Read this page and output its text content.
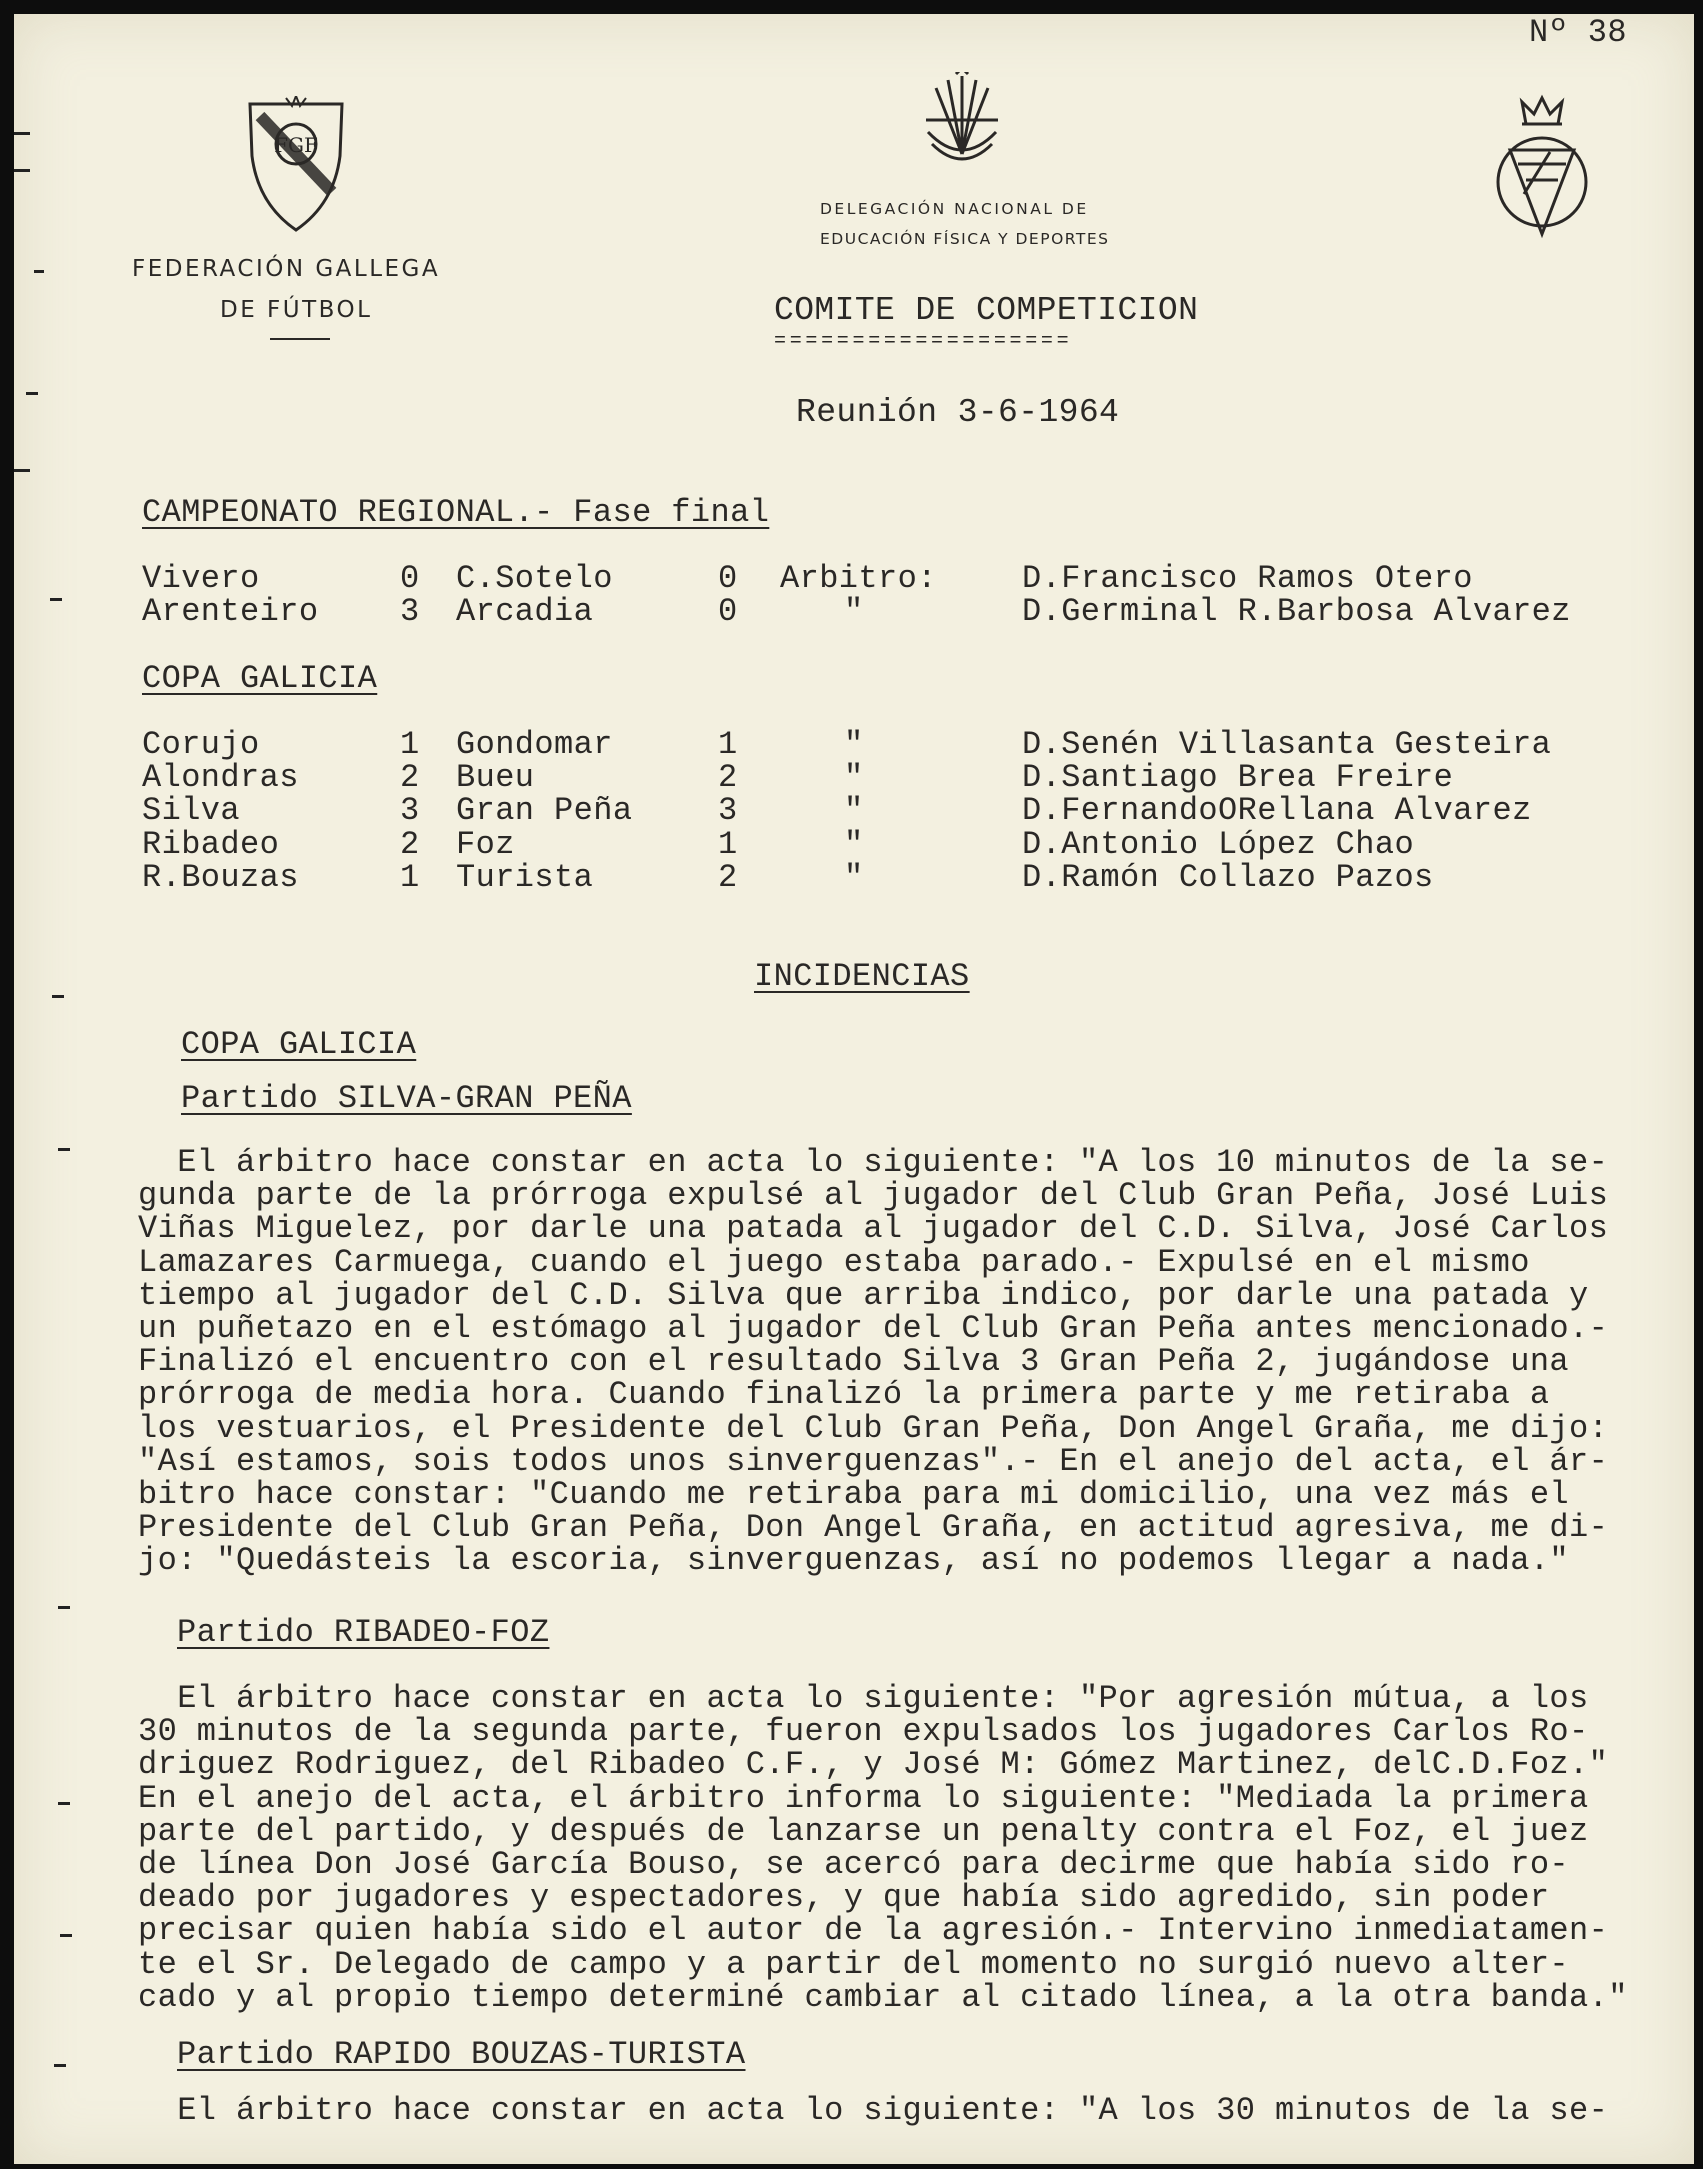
Nº 38
FGF
FEDERACIÓN GALLEGA
DE FÚTBOL
DELEGACIÓN NACIONAL DE
EDUCACIÓN FÍSICA Y DEPORTES
COMITE DE COMPETICION
===================
Reunión 3-6-1964
CAMPEONATO REGIONAL.- Fase final
Vivero	0	C.Sotelo	0	Arbitro:	D.Francisco Ramos Otero
Arenteiro	3	Arcadia	0	"	D.Germinal R.Barbosa Alvarez
COPA GALICIA
Corujo	1	Gondomar	1	"	D.Senén Villasanta Gesteira
Alondras	2	Bueu	2	"	D.Santiago Brea Freire
Silva	3	Gran Peña	3	"	D.FernandoORellana Alvarez
Ribadeo	2	Foz	1	"	D.Antonio López Chao
R.Bouzas	1	Turista	2	"	D.Ramón Collazo Pazos
INCIDENCIAS
COPA GALICIA
Partido SILVA-GRAN PEÑA
El árbitro hace constar en acta lo siguiente: "A los 10 minutos de la se-
gunda parte de la prórroga expulsé al jugador del Club Gran Peña, José Luis
Viñas Miguelez, por darle una patada al jugador del C.D. Silva, José Carlos
Lamazares Carmuega, cuando el juego estaba parado.- Expulsé en el mismo
tiempo al jugador del C.D. Silva que arriba indico, por darle una patada y
un puñetazo en el estómago al jugador del Club Gran Peña antes mencionado.-
Finalizó el encuentro con el resultado Silva 3 Gran Peña 2, jugándose una
prórroga de media hora. Cuando finalizó la primera parte y me retiraba a
los vestuarios, el Presidente del Club Gran Peña, Don Angel Graña, me dijo:
"Así estamos, sois todos unos sinverguenzas".- En el anejo del acta, el ár-
bitro hace constar: "Cuando me retiraba para mi domicilio, una vez más el
Presidente del Club Gran Peña, Don Angel Graña, en actitud agresiva, me di-
jo: "Quedásteis la escoria, sinverguenzas, así no podemos llegar a nada."
Partido RIBADEO-FOZ
El árbitro hace constar en acta lo siguiente: "Por agresión mútua, a los
30 minutos de la segunda parte, fueron expulsados los jugadores Carlos Ro-
driguez Rodriguez, del Ribadeo C.F., y José M: Gómez Martinez, delC.D.Foz."
En el anejo del acta, el árbitro informa lo siguiente: "Mediada la primera
parte del partido, y después de lanzarse un penalty contra el Foz, el juez
de línea Don José García Bouso, se acercó para decirme que había sido ro-
deado por jugadores y espectadores, y que había sido agredido, sin poder
precisar quien había sido el autor de la agresión.- Intervino inmediatamen-
te el Sr. Delegado de campo y a partir del momento no surgió nuevo alter-
cado y al propio tiempo determiné cambiar al citado línea, a la otra banda."
Partido RAPIDO BOUZAS-TURISTA
El árbitro hace constar en acta lo siguiente: "A los 30 minutos de la se-
